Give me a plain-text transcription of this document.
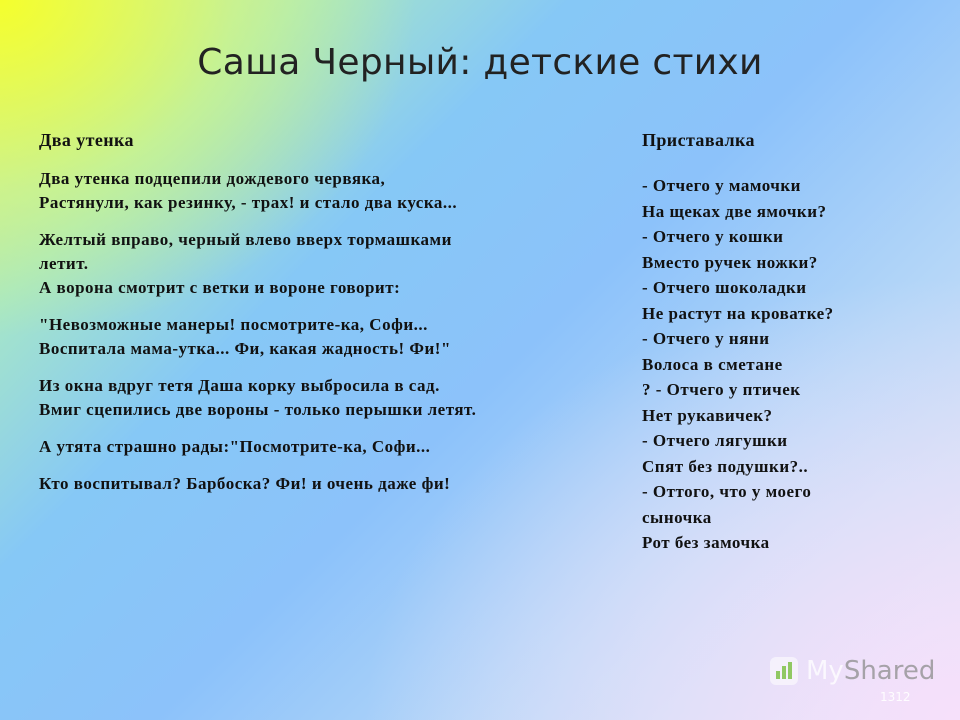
Саша Черный: детские стихи
Два утенка
Два утенка подцепили дождевого червяка,
Растянули, как резинку, - трах! и стало два куска...
Желтый вправо, черный влево вверх тормашками
летит.
А ворона смотрит с ветки и вороне говорит:
"Невозможные манеры! посмотрите-ка, Софи...
Воспитала мама-утка... Фи, какая жадность! Фи!"
Из окна вдруг тетя Даша корку выбросила в сад.
Вмиг сцепились две вороны - только перышки летят.
А утята страшно рады:"Посмотрите-ка, Софи...
Кто воспитывал? Барбоска? Фи! и очень даже фи!
Приставалка
- Отчего у мамочки
На щеках две ямочки?
- Отчего у кошки
Вместо ручек ножки?
- Отчего шоколадки
Не растут на кроватке?
- Отчего у няни
Волоса в сметане
? - Отчего у птичек
Нет рукавичек?
- Отчего лягушки
Спят без подушки?..
- Оттого, что у моего
сыночка
Рот без замочка
My Shared
1312
